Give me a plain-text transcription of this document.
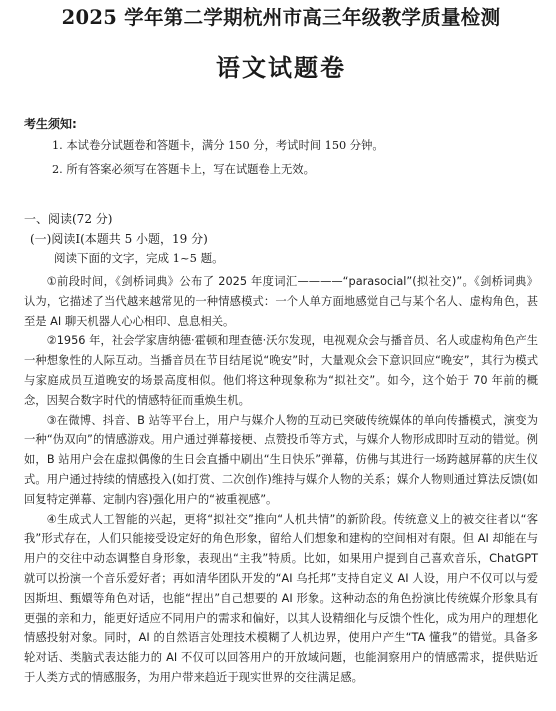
2025 学年第二学期杭州市高三年级教学质量检测
语文试题卷
考生须知:
1. 本试卷分试题卷和答题卡，满分 150 分，考试时间 150 分钟。
2. 所有答案必须写在答题卡上，写在试题卷上无效。
一、阅读(72 分)
(一)阅读Ⅰ(本题共 5 小题，19 分)
阅读下面的文字，完成 1~5 题。

①前段时间，《剑桥词典》公布了 2025 年度词汇————“parasocial”(拟社交)”。《剑桥词典》认为，它描述了当代越来越常见的一种情感模式：一个人单方面地感觉自己与某个名人、虚构角色，甚至是 AI 聊天机器人心心相印、息息相关。

②1956 年，社会学家唐纳德·霍顿和理查德·沃尔发现，电视观众会与播音员、名人或虚构角色产生一种想象性的人际互动。当播音员在节目结尾说“晚安”时，大量观众会下意识回应“晚安”，其行为模式与家庭成员互道晚安的场景高度相似。他们将这种现象称为“拟社交”。如今，这个始于 70 年前的概念，因契合数字时代的情感特征而重焕生机。

③在微博、抖音、B 站等平台上，用户与媒介人物的互动已突破传统媒体的单向传播模式，演变为一种“伪双向”的情感游戏。用户通过弹幕接梗、点赞投币等方式，与媒介人物形成即时互动的错觉。例如，B 站用户会在虚拟偶像的生日会直播中刷出“生日快乐”弹幕，仿佛与其进行一场跨越屏幕的庆生仪式。用户通过持续的情感投入(如打赏、二次创作)维持与媒介人物的关系；媒介人物则通过算法反馈(如回复特定弹幕、定制内容)强化用户的“被重视感”。

④生成式人工智能的兴起，更将“拟社交”推向“人机共情”的新阶段。传统意义上的被交往者以“客我”形式存在，人们只能接受设定好的角色形象，留给人们想象和建构的空间相对有限。但 AI 却能在与用户的交往中动态调整自身形象，表现出“主我”特质。比如，如果用户提到自己喜欢音乐，ChatGPT 就可以扮演一个音乐爱好者；再如清华团队开发的“AI 乌托邦”支持自定义 AI 人设，用户不仅可以与爱因斯坦、甄嬛等角色对话，也能“捏出”自己想要的 AI 形象。这种动态的角色扮演比传统媒介形象具有更强的亲和力，能更好适应不同用户的需求和偏好，以其人设精细化与反馈个性化，成为用户的理想化情感投射对象。同时，AI 的自然语言处理技术模糊了人机边界，使用户产生“TA 懂我”的错觉。具备多轮对话、类脑式表达能力的 AI 不仅可以回答用户的开放域问题，也能洞察用户的情感需求，提供贴近于人类方式的情感服务，为用户带来趋近于现实世界的交往满足感。
